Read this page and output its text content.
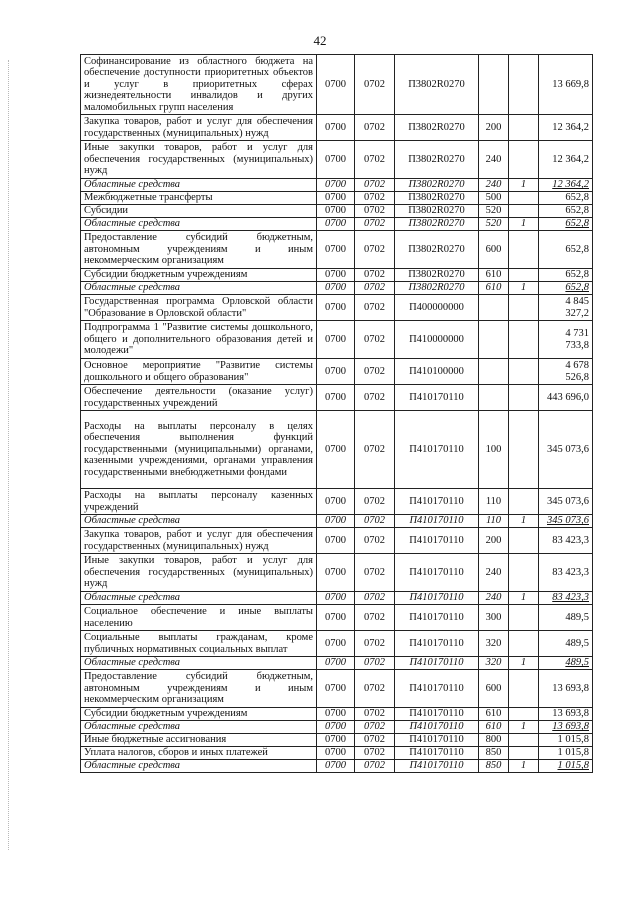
42
Софинансирование из областного бюджета на обеспечение доступности приоритетных объектов и услуг в приоритетных сферах жизнедеятельности инвалидов и других маломобильных групп населения	0700	0702	П3802R0270			13 669,8
Закупка товаров, работ и услуг для обеспечения государственных (муниципальных) нужд	0700	0702	П3802R0270	200		12 364,2
Иные закупки товаров, работ и услуг для обеспечения государственных (муниципальных) нужд	0700	0702	П3802R0270	240		12 364,2
Областные средства	0700	0702	П3802R0270	240	1	12 364,2
Межбюджетные трансферты	0700	0702	П3802R0270	500		652,8
Субсидии	0700	0702	П3802R0270	520		652,8
Областные средства	0700	0702	П3802R0270	520	1	652,8
Предоставление субсидий бюджетным, автономным учреждениям и иным некоммерческим организациям	0700	0702	П3802R0270	600		652,8
Субсидии бюджетным учреждениям	0700	0702	П3802R0270	610		652,8
Областные средства	0700	0702	П3802R0270	610	1	652,8
Государственная программа Орловской области "Образование в Орловской области"	0700	0702	П400000000			4 845 327,2
Подпрограмма 1 "Развитие системы дошкольного, общего и дополнительного образования детей и молодежи"	0700	0702	П410000000			4 731 733,8
Основное мероприятие "Развитие системы дошкольного и общего образования"	0700	0702	П410100000			4 678 526,8
Обеспечение деятельности (оказание услуг) государственных учреждений	0700	0702	П410170110			443 696,0
Расходы на выплаты персоналу в целях обеспечения выполнения функций государственными (муниципальными) органами, казенными учреждениями, органами управления государственными внебюджетными фондами	0700	0702	П410170110	100		345 073,6
Расходы на выплаты персоналу казенных учреждений	0700	0702	П410170110	110		345 073,6
Областные средства	0700	0702	П410170110	110	1	345 073,6
Закупка товаров, работ и услуг для обеспечения государственных (муниципальных) нужд	0700	0702	П410170110	200		83 423,3
Иные закупки товаров, работ и услуг для обеспечения государственных (муниципальных) нужд	0700	0702	П410170110	240		83 423,3
Областные средства	0700	0702	П410170110	240	1	83 423,3
Социальное обеспечение и иные выплаты населению	0700	0702	П410170110	300		489,5
Социальные выплаты гражданам, кроме публичных нормативных социальных выплат	0700	0702	П410170110	320		489,5
Областные средства	0700	0702	П410170110	320	1	489,5
Предоставление субсидий бюджетным, автономным учреждениям и иным некоммерческим организациям	0700	0702	П410170110	600		13 693,8
Субсидии бюджетным учреждениям	0700	0702	П410170110	610		13 693,8
Областные средства	0700	0702	П410170110	610	1	13 693,8
Иные бюджетные ассигнования	0700	0702	П410170110	800		1 015,8
Уплата налогов, сборов и иных платежей	0700	0702	П410170110	850		1 015,8
Областные средства	0700	0702	П410170110	850	1	1 015,8
